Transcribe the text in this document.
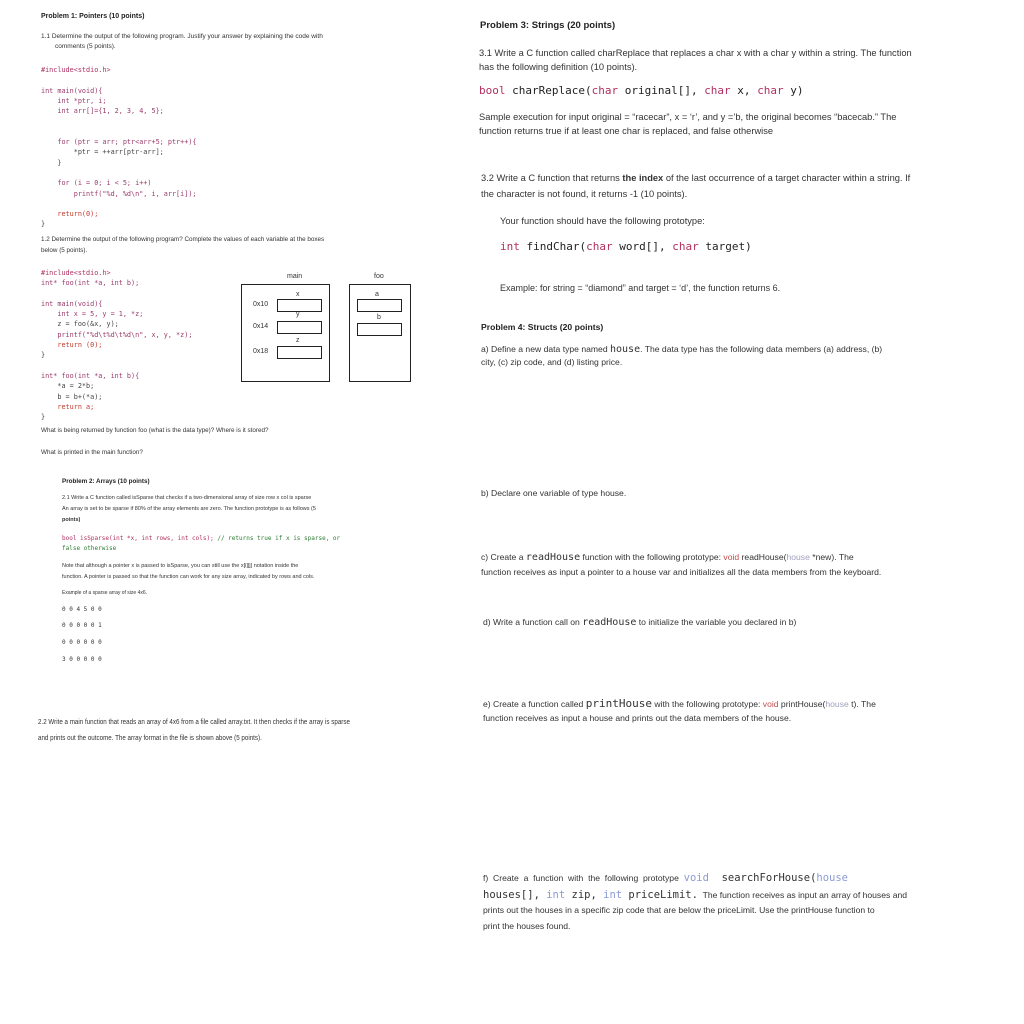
Problem 1: Pointers (10 points)
1.1 Determine the output of the following program. Justify your answer by explaining the code with
comments (5 points).
#include<stdio.h>
int main(void){
int *ptr, i;
int arr[]={1, 2, 3, 4, 5};
for (ptr = arr; ptr<arr+5; ptr++){
*ptr = ++arr[ptr-arr];
}
for (i = 0; i < 5; i++)
printf("%d, %d\n", i, arr[i]);
return(0);
}
1.2 Determine the output of the following program? Complete the values of each variable at the boxes
below (5 points).
#include<stdio.h>
int* foo(int *a, int b);
int main(void){
int x = 5, y = 1, *z;
z = foo(&x, y);
printf("%d\t%d\t%d\n", x, y, *z);
return (0);
}
int* foo(int *a, int b){
*a = 2*b;
b = b+(*a);
return a;
}
main	foo
x
0x10
y
0x14
z
0x18
a
b
What is being returned by function foo (what is the data type)? Where is it stored?
What is printed in the main function?
Problem 2: Arrays (10 points)
2.1 Write a C function called isSparse that checks if a two-dimensional array of size row x col is sparse
An array is set to be sparse if 80% of the array elements are zero. The function prototype is as follows (5
points)
bool isSparse(int *x, int rows, int cols); // returns true if x is sparse, or
false otherwise
Note that although a pointer x is passed to isSparse, you can still use the x[i][j] notation inside the
function. A pointer is passed so that the function can work for any size array, indicated by rows and cols.
Example of a sparse array of size 4x6.
0 0 4 5 0 0
0 0 0 0 0 1
0 0 0 0 0 0
3 0 0 0 0 0
2.2 Write a main function that reads an array of 4x6 from a file called array.txt. It then checks if the array is sparse
and prints out the outcome. The array format in the file is shown above (5 points).
Problem 3: Strings (20 points)
3.1 Write a C function called charReplace that replaces a char x with a char y within a string. The function
has the following definition (10 points).
bool charReplace(char original[], char x, char y)
Sample execution for input original = “racecar”, x = ‘r’, and y =’b, the original becomes “bacecab.” The
function returns true if at least one char is replaced, and false otherwise
3.2 Write a C function that returns the index of the last occurrence of a target character within a string. If
the character is not found, it returns -1 (10 points).
Your function should have the following prototype:
int findChar(char word[], char target)
Example: for string = “diamond” and target = ‘d’, the function returns 6.
Problem 4: Structs (20 points)
a) Define a new data type named house. The data type has the following data members (a) address, (b)
city, (c) zip code, and (d) listing price.
b) Declare one variable of type house.
c) Create a readHouse function with the following prototype: void readHouse(house *new). The
function receives as input a pointer to a house var and initializes all the data members from the keyboard.
d) Write a function call on readHouse to initialize the variable you declared in b)
e) Create a function called printHouse with the following prototype: void printHouse(house t). The
function receives as input a house and prints out the data members of the house.
f)  Create  a  function  with  the  following  prototype  void  searchForHouse(house
houses[], int zip, int priceLimit.  The function receives as input an array of houses and
prints out the houses in a specific zip code that are below the priceLimit. Use the printHouse function to
print the houses found.
